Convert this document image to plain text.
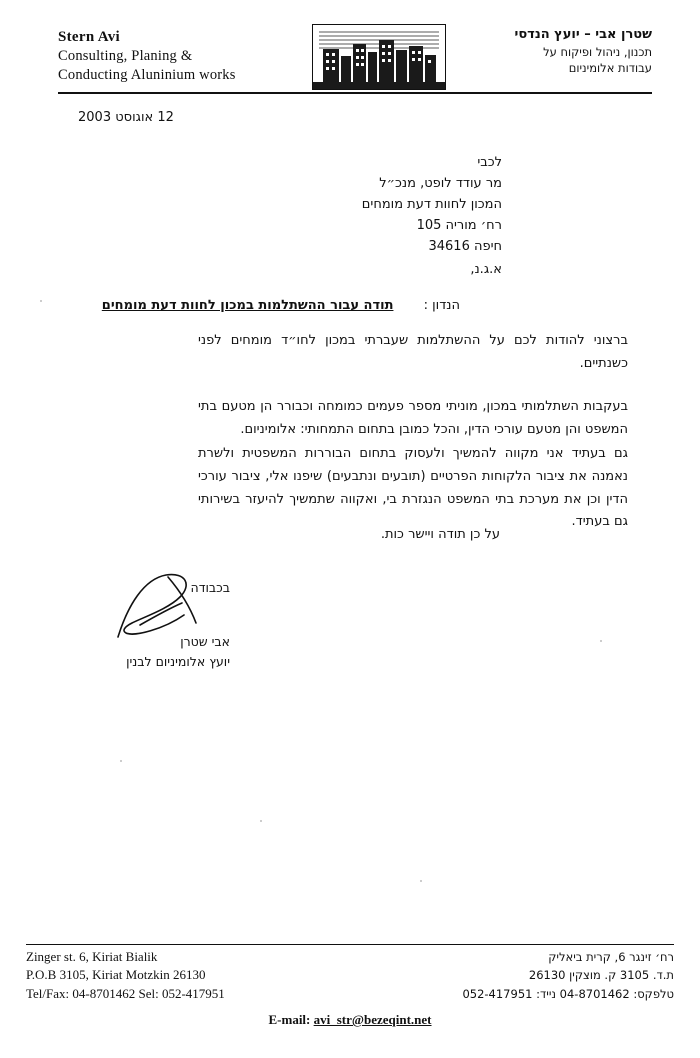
Stern Avi
Consulting, Planing &
Conducting Aluninium works
שטרן אבי – יועץ הנדסי
תכנון, ניהול ופיקוח על
עבודות אלומיניום
12 אוגוסט 2003
לכבי
מר עודד לופט, מנכ״ל
המכון לחוות דעת מומחים
רח׳ מוריה 105
חיפה 34616
א.ג.נ,
הנדון : תודה עבור ההשתלמות במכון לחוות דעת מומחים
ברצוני להודות לכם על ההשתלמות שעברתי במכון לחו״ד מומחים לפני כשנתיים.
בעקבות השתלמותי במכון, מוניתי מספר פעמים כמומחה וכבורר הן מטעם בתי המשפט והן מטעם עורכי הדין, והכל כמובן בתחום התמחותי: אלומיניום.
גם בעתיד אני מקווה להמשיך ולעסוק בתחום הבוררות המשפטית ולשרת נאמנה את ציבור הלקוחות הפרטיים (תובעים ונתבעים) שיפנו אלי, ציבור עורכי הדין וכן את מערכת בתי המשפט הנגזרת בי, ואקווה שתמשיך להיעזר בשירותי גם בעתיד.
על כן תודה ויישר כות.
בכבודה
אבי שטרן
יועץ אלומיניום לבנין
Zinger st. 6, Kiriat Bialik
P.O.B 3105, Kiriat Motzkin 26130
Tel/Fax: 04-8701462 Sel: 052-417951
רח׳ זינגר 6, קרית ביאליק
ת.ד. 3105 ק. מוצקין 26130
טלפקס: 04-8701462 נייד: 052-417951
E-mail: avi_str@bezeqint.net
